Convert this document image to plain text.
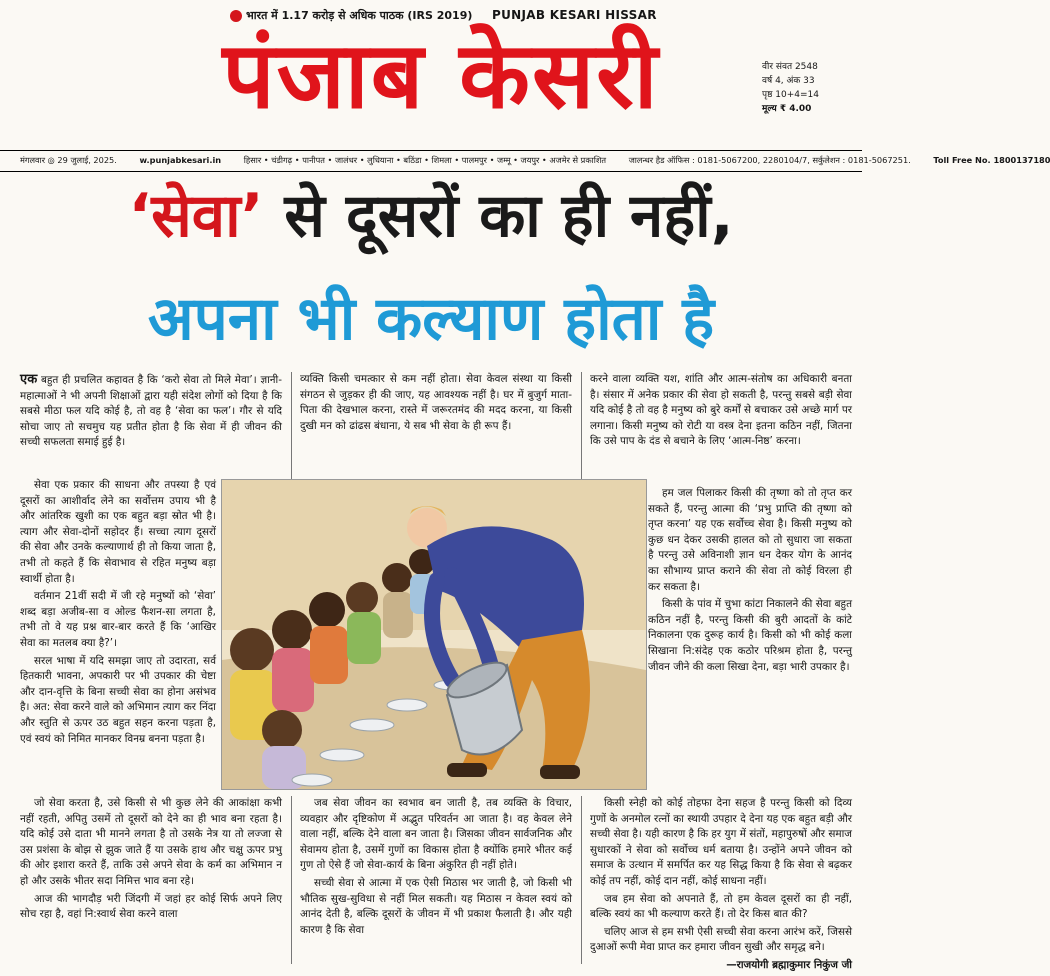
भारत में 1.17 करोड़ से अधिक पाठक (IRS 2019) PUNJAB KESARI HISSAR
पंजाब केसरी	वीर संवत 2548
वर्ष 4, अंक 33
पृष्ठ 10+4=14
मूल्य ₹ 4.00
मंगलवार ◎ 29 जुलाई, 2025.	w.punjabkesari.in	हिसार • चंडीगढ़ • पानीपत • जालंधर • लुधियाना • बठिंडा • शिमला • पालमपुर • जम्मू • जयपुर • अजमेर से प्रकाशित	जालन्धर हैड ऑफिस : 0181-5067200, 2280104/7, सर्कुलेशन : 0181-5067251.	Toll Free No. 1800137180
‘सेवा’ से दूसरों का ही नहीं,
अपना भी कल्याण होता है

एक बहुत ही प्रचलित कहावत है कि ‘करो सेवा तो मिले मेवा’। ज्ञानी-महात्माओं ने भी अपनी शिक्षाओं द्वारा यही संदेश लोगों को दिया है कि सबसे मीठा फल यदि कोई है, तो वह है ‘सेवा का फल’। गौर से यदि सोचा जाए तो सचमुच यह प्रतीत होता है कि सेवा में ही जीवन की सच्ची सफलता समाई हुई है।

सेवा एक प्रकार की साधना और तपस्या है एवं दूसरों का आशीर्वाद लेने का सर्वोत्तम उपाय भी है और आंतरिक खुशी का एक बहुत बड़ा स्रोत भी है। त्याग और सेवा-दोनों सहोदर हैं। सच्चा त्याग दूसरों की सेवा और उनके कल्याणार्थ ही तो किया जाता है, तभी तो कहते हैं कि सेवाभाव से रहित मनुष्य बड़ा स्वार्थी होता है।

वर्तमान 21वीं सदी में जी रहे मनुष्यों को ‘सेवा’ शब्द बड़ा अजीब-सा व ओल्ड फैशन-सा लगता है, तभी तो वे यह प्रश्न बार-बार करते हैं कि ‘आखिर सेवा का मतलब क्या है?’।

सरल भाषा में यदि समझा जाए तो उदारता, सर्व हितकारी भावना, अपकारी पर भी उपकार की चेष्टा और दान-वृत्ति के बिना सच्ची सेवा का होना असंभव है। अत: सेवा करने वाले को अभिमान त्याग कर निंदा और स्तुति से ऊपर उठ बहुत सहन करना पड़ता है, एवं स्वयं को निमित मानकर विनम्र बनना पड़ता है।

व्यक्ति किसी चमत्कार से कम नहीं होता। सेवा केवल संस्था या किसी संगठन से जुड़कर ही की जाए, यह आवश्यक नहीं है। घर में बुजुर्ग माता-पिता की देखभाल करना, रास्ते में जरूरतमंद की मदद करना, या किसी दुखी मन को ढांढस बंधाना, ये सब भी सेवा के ही रूप हैं।

करने वाला व्यक्ति यश, शांति और आत्म-संतोष का अधिकारी बनता है। संसार में अनेक प्रकार की सेवा हो सकती है, परन्तु सबसे बड़ी सेवा यदि कोई है तो वह है मनुष्य को बुरे कर्मों से बचाकर उसे अच्छे मार्ग पर लगाना। किसी मनुष्य को रोटी या वस्त्र देना इतना कठिन नहीं, जितना कि उसे पाप के दंड से बचाने के लिए ‘आत्म-निष्ठ’ करना।

हम जल पिलाकर किसी की तृष्णा को तो तृप्त कर सकते हैं, परन्तु आत्मा की ‘प्रभु प्राप्ति की तृष्णा को तृप्त करना’ यह एक सर्वोच्च सेवा है। किसी मनुष्य को कुछ धन देकर उसकी हालत को तो सुधारा जा सकता है परन्तु उसे अविनाशी ज्ञान धन देकर योग के आनंद का सौभाग्य प्राप्त कराने की सेवा तो कोई विरला ही कर सकता है।

किसी के पांव में चुभा कांटा निकालने की सेवा बहुत कठिन नहीं है, परन्तु किसी की बुरी आदतों के कांटे निकालना एक दुरूह कार्य है। किसी को भी कोई कला सिखाना नि:संदेह एक कठोर परिश्रम होता है, परन्तु जीवन जीने की कला सिखा देना, बड़ा भारी उपकार है।

जो सेवा करता है, उसे किसी से भी कुछ लेने की आकांक्षा कभी नहीं रहती, अपितु उसमें तो दूसरों को देने का ही भाव बना रहता है। यदि कोई उसे दाता भी मानने लगता है तो उसके नेत्र या तो लज्जा से उस प्रशंसा के बोझ से झुक जाते हैं या उसके हाथ और चक्षु ऊपर प्रभु की ओर इशारा करते हैं, ताकि उसे अपने सेवा के कर्म का अभिमान न हो और उसके भीतर सदा निमित्त भाव बना रहे।

आज की भागदौड़ भरी जिंदगी में जहां हर कोई सिर्फ अपने लिए सोच रहा है, वहां नि:स्वार्थ सेवा करने वाला

जब सेवा जीवन का स्वभाव बन जाती है, तब व्यक्ति के विचार, व्यवहार और दृष्टिकोण में अद्भुत परिवर्तन आ जाता है। वह केवल लेने वाला नहीं, बल्कि देने वाला बन जाता है। जिसका जीवन सार्वजनिक और सेवामय होता है, उसमें गुणों का विकास होता है क्योंकि हमारे भीतर कई गुण तो ऐसे हैं जो सेवा-कार्य के बिना अंकुरित ही नहीं होते।

सच्ची सेवा से आत्मा में एक ऐसी मिठास भर जाती है, जो किसी भी भौतिक सुख-सुविधा से नहीं मिल सकती। यह मिठास न केवल स्वयं को आनंद देती है, बल्कि दूसरों के जीवन में भी प्रकाश फैलाती है। और यही कारण है कि सेवा

किसी स्नेही को कोई तोहफा देना सहज है परन्तु किसी को दिव्य गुणों के अनमोल रत्नों का स्थायी उपहार दे देना यह एक बहुत बड़ी और सच्ची सेवा है। यही कारण है कि हर युग में संतों, महापुरुषों और समाज सुधारकों ने सेवा को सर्वोच्च धर्म बताया है। उन्होंने अपने जीवन को समाज के उत्थान में समर्पित कर यह सिद्ध किया है कि सेवा से बढ़कर कोई तप नहीं, कोई दान नहीं, कोई साधना नहीं।

जब हम सेवा को अपनाते हैं, तो हम केवल दूसरों का ही नहीं, बल्कि स्वयं का भी कल्याण करते हैं। तो देर किस बात की?

चलिए आज से हम सभी ऐसी सच्ची सेवा करना आरंभ करें, जिससे दुआओं रूपी मेवा प्राप्त कर हमारा जीवन सुखी और समृद्ध बने।

—राजयोगी ब्रह्माकुमार निकुंज जी
